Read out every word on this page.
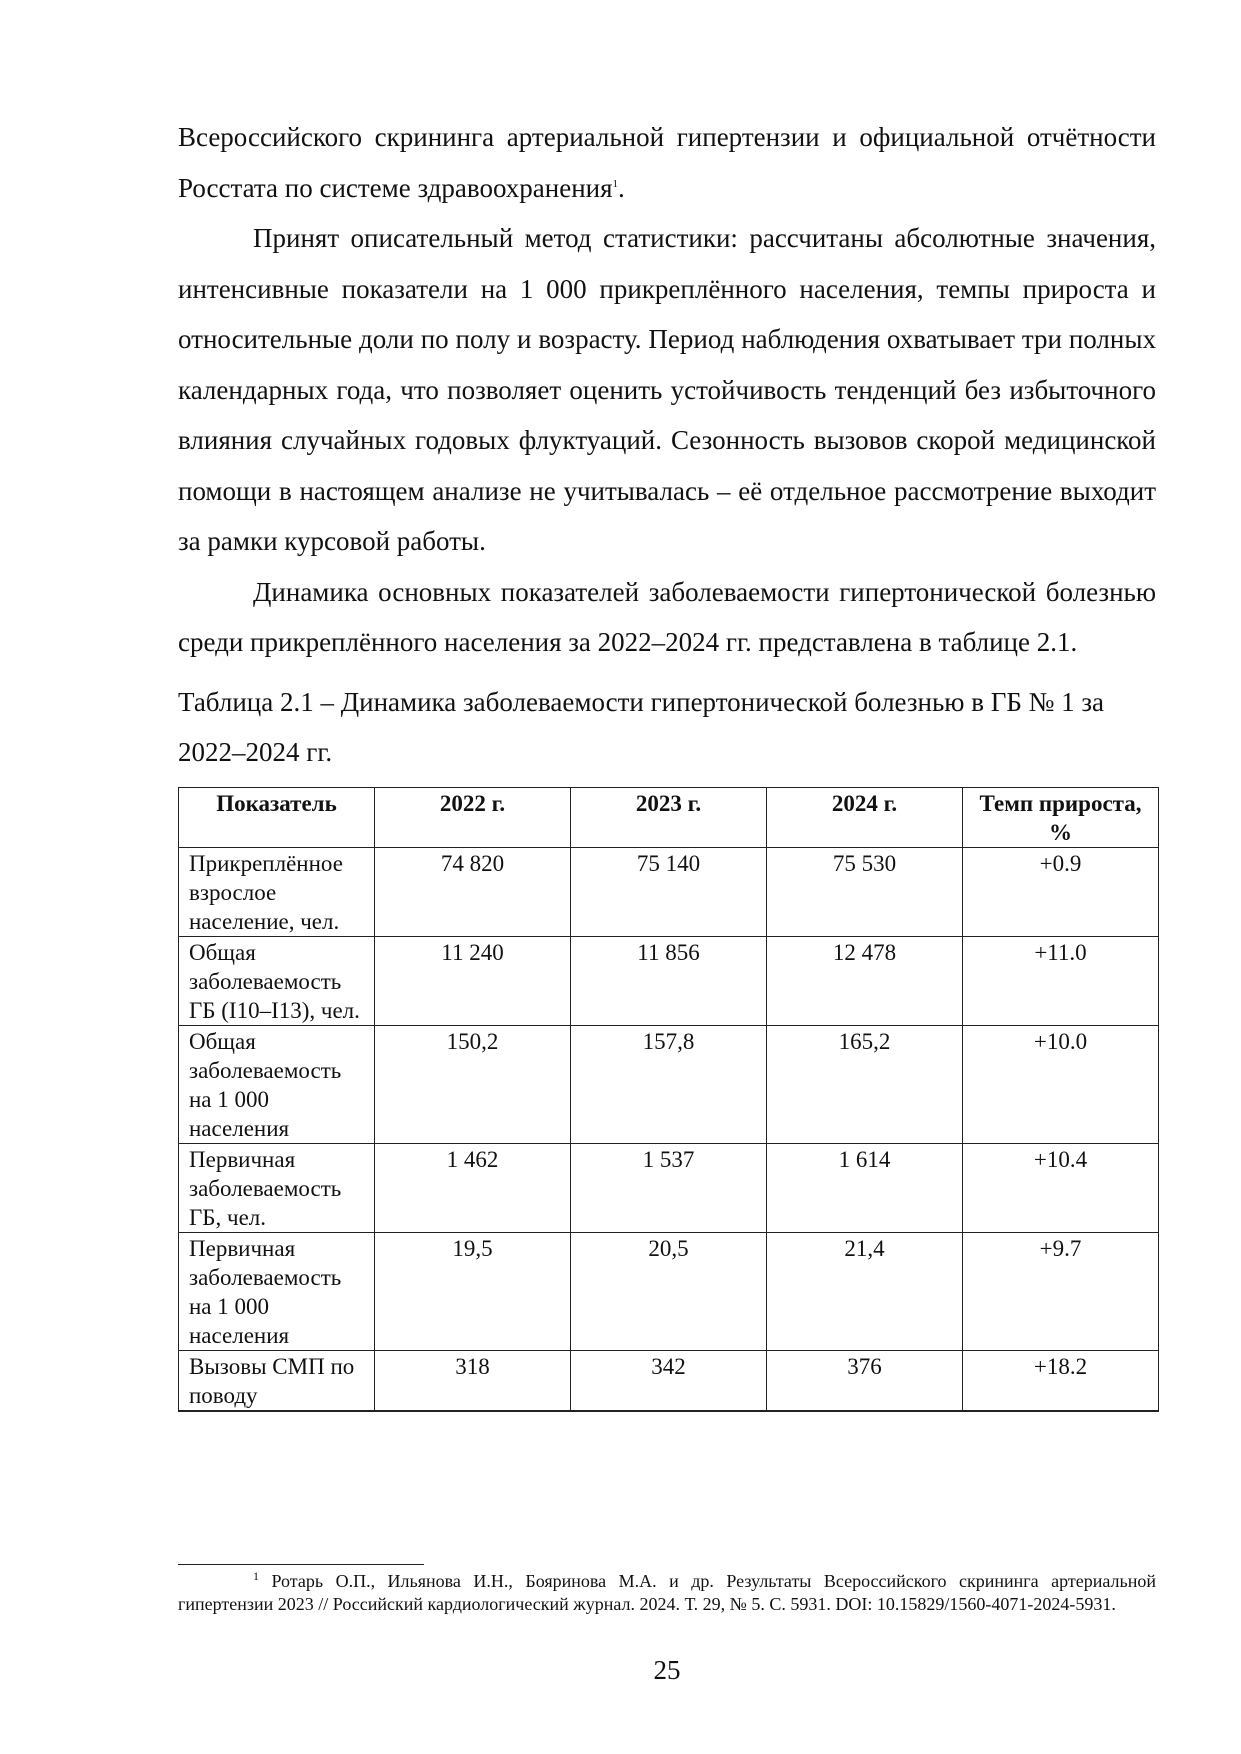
Всероссийского скрининга артериальной гипертензии и официальной отчётности Росстата по системе здравоохранения$^1$.

Принят описательный метод статистики: рассчитаны абсолютные значения, интенсивные показатели на 1 000 прикреплённого населения, темпы прироста и относительные доли по полу и возрасту. Период наблюдения охватывает три полных календарных года, что позволяет оценить устойчивость тенденций без избыточного влияния случайных годовых флуктуаций. Сезонность вызовов скорой медицинской помощи в настоящем анализе не учитывалась – её отдельное рассмотрение выходит за рамки курсовой работы.

Динамика основных показателей заболеваемости гипертонической болезнью среди прикреплённого населения за 2022–2024 гг. представлена в таблице 2.1.

Таблица 2.1 – Динамика заболеваемости гипертонической болезнью в ГБ № 1 за 2022–2024 гг.

Показатель	2022 г.	2023 г.	2024 г.	Темп прироста, %
Прикреплённое взрослое население, чел.	74 820	75 140	75 530	+0.9
Общая заболеваемость ГБ (I10–I13), чел.	11 240	11 856	12 478	+11.0
Общая заболеваемость на 1 000 населения	150,2	157,8	165,2	+10.0
Первичная заболеваемость ГБ, чел.	1 462	1 537	1 614	+10.4
Первичная заболеваемость на 1 000 населения	19,5	20,5	21,4	+9.7
Вызовы СМП по поводу	318	342	376	+18.2

$^1$ Ротарь О.П., Ильянова И.Н., Бояринова М.А. и др. Результаты Всероссийского скрининга артериальной гипертензии 2023 // Российский кардиологический журнал. 2024. Т. 29, № 5. С. 5931. DOI: 10.15829/1560-4071-2024-5931.

25
